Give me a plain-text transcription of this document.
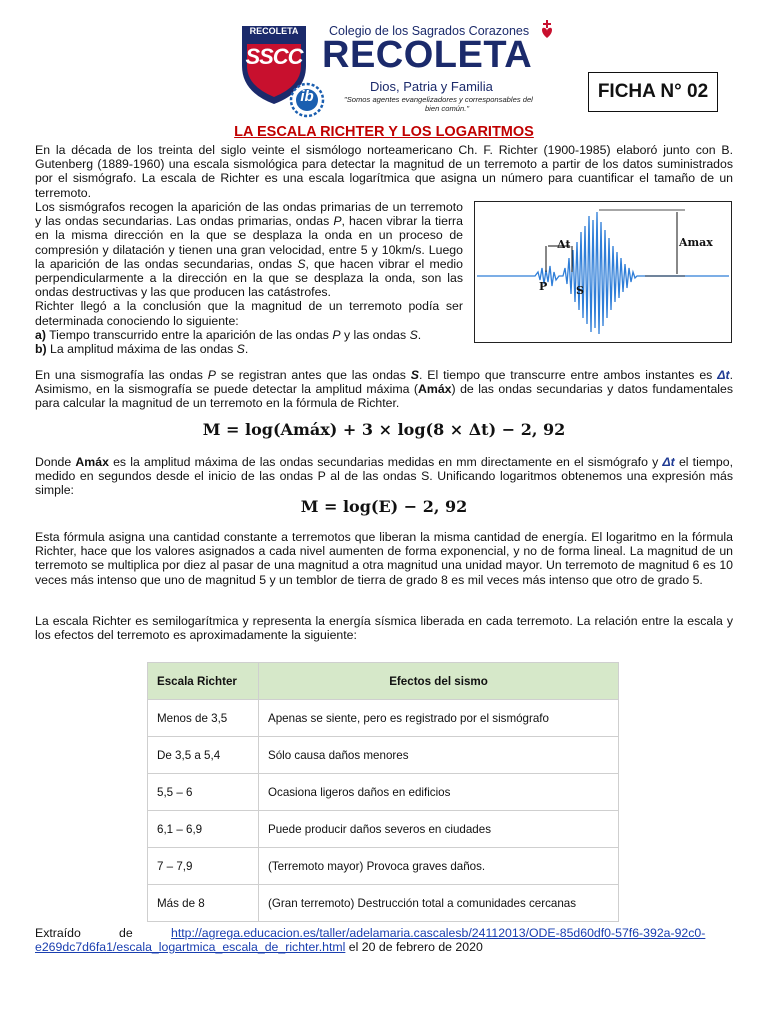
RECOLETA
SSCC
Colegio de los Sagrados Corazones
RECOLETA
Dios, Patria y Familia
ib	"Somos agentes evangelizadores y corresponsables del
bien común."
FICHA N° 02
LA ESCALA RICHTER Y LOS LOGARITMOS

En la década de los treinta del siglo veinte el sismólogo norteamericano Ch. F. Richter (1900-1985) elaboró junto con B. Gutenberg (1889-1960) una escala sismológica para detectar la magnitud de un terremoto a partir de los datos suministrados por el sismógrafo. La escala de Richter es una escala logarítmica que asigna un número para cuantificar el tamaño de un terremoto.

Los sismógrafos recogen la aparición de las ondas primarias de un terremoto y las ondas secundarias. Las ondas primarias, ondas P, hacen vibrar la tierra en la misma dirección en la que se desplaza la onda en un proceso de compresión y dilatación y tienen una gran velocidad, entre 5 y 10km/s. Luego la aparición de las ondas secundarias, ondas S, que hacen vibrar el medio perpendicularmente a la dirección en la que se desplaza la onda, son las ondas destructivas y las que producen las catástrofes.
Richter llegó a la conclusión que la magnitud de un terremoto podía ser determinada conociendo lo siguiente:
a) Tiempo transcurrido entre la aparición de las ondas P y las ondas S.
b) La amplitud máxima de las ondas S.

Δt	Amax
P	S

En una sismografía las ondas P se registran antes que las ondas S. El tiempo que transcurre entre ambos instantes es Δt. Asimismo, en la sismografía se puede detectar la amplitud máxima (Amáx) de las ondas secundarias y datos fundamentales para calcular la magnitud de un terremoto en la fórmula de Richter.

M = log(Amáx) + 3 × log(8 × Δt) − 2, 92

Donde Amáx es la amplitud máxima de las ondas secundarias medidas en mm directamente en el sismógrafo y Δt el tiempo, medido en segundos desde el inicio de las ondas P al de las ondas S. Unificando logaritmos obtenemos una expresión más simple:

M = log(E) − 2, 92

Esta fórmula asigna una cantidad constante a terremotos que liberan la misma cantidad de energía. El logaritmo en la fórmula Richter, hace que los valores asignados a cada nivel aumenten de forma exponencial, y no de forma lineal. La magnitud de un terremoto se multiplica por diez al pasar de una magnitud a otra magnitud una unidad mayor. Un terremoto de magnitud 6 es 10 veces más intenso que uno de magnitud 5 y un temblor de tierra de grado 8 es mil veces más intenso que otro de grado 5.

La escala Richter es semilogarítmica y representa la energía sísmica liberada en cada terremoto. La relación entre la escala y los efectos del terremoto es aproximadamente la siguiente:

Escala Richter	Efectos del sismo
Menos de 3,5	Apenas se siente, pero es registrado por el sismógrafo
De 3,5 a 5,4	Sólo causa daños menores
5,5 – 6	Ocasiona ligeros daños en edificios
6,1 – 6,9	Puede producir daños severos en ciudades
7 – 7,9	(Terremoto mayor) Provoca graves daños.
Más de 8	(Gran terremoto) Destrucción total a comunidades cercanas
Extraído	de	http://agrega.educacion.es/taller/adelamaria.cascalesb/24112013/ODE-85d60df0-57f6-392a-92c0-
e269dc7d6fa1/escala_logartmica_escala_de_richter.html el 20 de febrero de 2020
